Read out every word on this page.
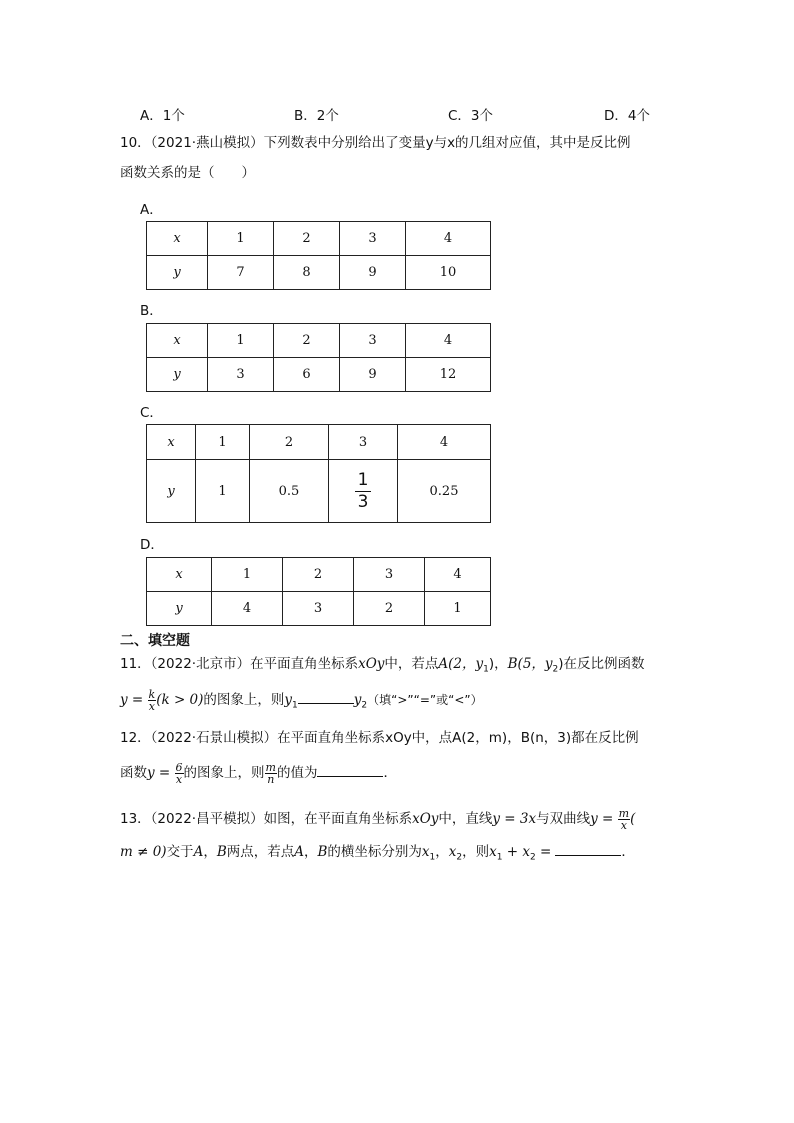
A．1个	B．2个	C．3个	D．4个
10．（2021·燕山模拟）下列数表中分别给出了变量y与x的几组对应值，其中是反比例
函数关系的是（　　）
A．
x	1	2	3	4
y	7	8	9	10
B．
x	1	2	3	4
y	3	6	9	12
C．
x	1	2	3	4
y	1	0.5	$\frac{1}{3}$	0.25
D．
x	1	2	3	4
y	4	3	2	1
二、填空题
11．（2022·北京市）在平面直角坐标系xOy中，若点A(2，$y_1$)，B(5，$y_2$)在反比例函数
$y = \frac{k}{x} (k > 0)$的图象上，则$y_1$	$y_2$（填“>”“=”或“<”）
12．（2022·石景山模拟）在平面直角坐标系xOy中，点A(2，m)，B(n，3)都在反比例
函数$y = \frac{6}{x}$ 的图象上，则 $\frac{m}{n}$ 的值为	．
13．（2022·昌平模拟）如图，在平面直角坐标系xOy中，直线y = 3x与双曲线$y = \frac{m}{x}$ (
m ≠ 0)交于A，B两点，若点A，B的横坐标分别为$x_1$，$x_2$，则$x_1 + x_2$ =	．
